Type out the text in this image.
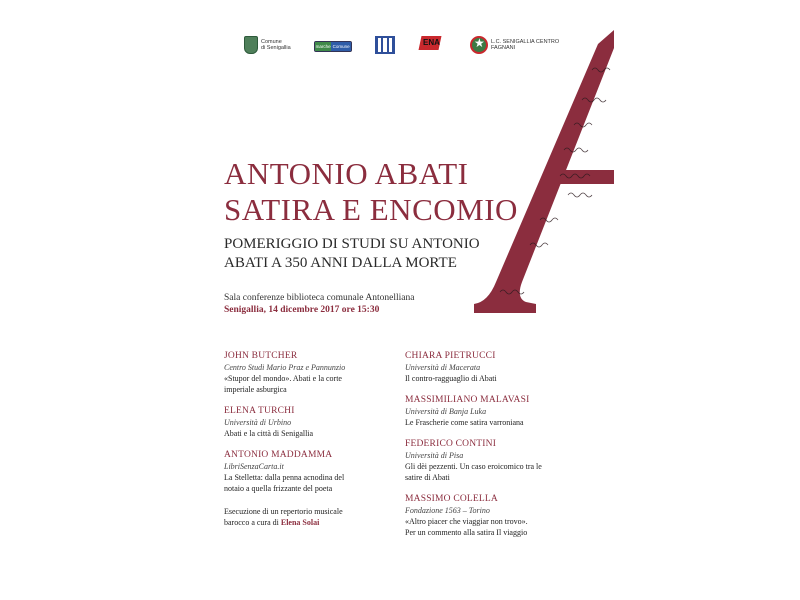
Comune
di Senigallia	marche Comune	ENA ★	L.C. SENIGALLIA CENTRO
FAGNANI
ANTONIO ABATI
SATIRA E ENCOMIO
POMERIGGIO DI STUDI SU ANTONIO
ABATI A 350 ANNI DALLA MORTE
Sala conferenze biblioteca comunale Antonelliana
Senigallia, 14 dicembre 2017 ore 15:30
JOHN BUTCHER
Centro Studi Mario Praz e Pannunzio
«Stupor del mondo». Abati e la corte
imperiale asburgica
ELENA TURCHI
Università di Urbino
Abati e la città di Senigallia
ANTONIO MADDAMMA
LibriSenzaCarta.it
La Stelletta: dalla penna acnodina del
notaio a quella frizzante del poeta
Esecuzione di un repertorio musicale
barocco a cura di Elena Solai
CHIARA PIETRUCCI
Università di Macerata
Il contro-ragguaglio di Abati
MASSIMILIANO MALAVASI
Università di Banja Luka
Le Frascherie come satira varroniana
FEDERICO CONTINI
Università di Pisa
Gli dèi pezzenti. Un caso eroicomico tra le
satire di Abati
MASSIMO COLELLA
Fondazione 1563 – Torino
«Altro piacer che viaggiar non trovo».
Per un commento alla satira Il viaggio
